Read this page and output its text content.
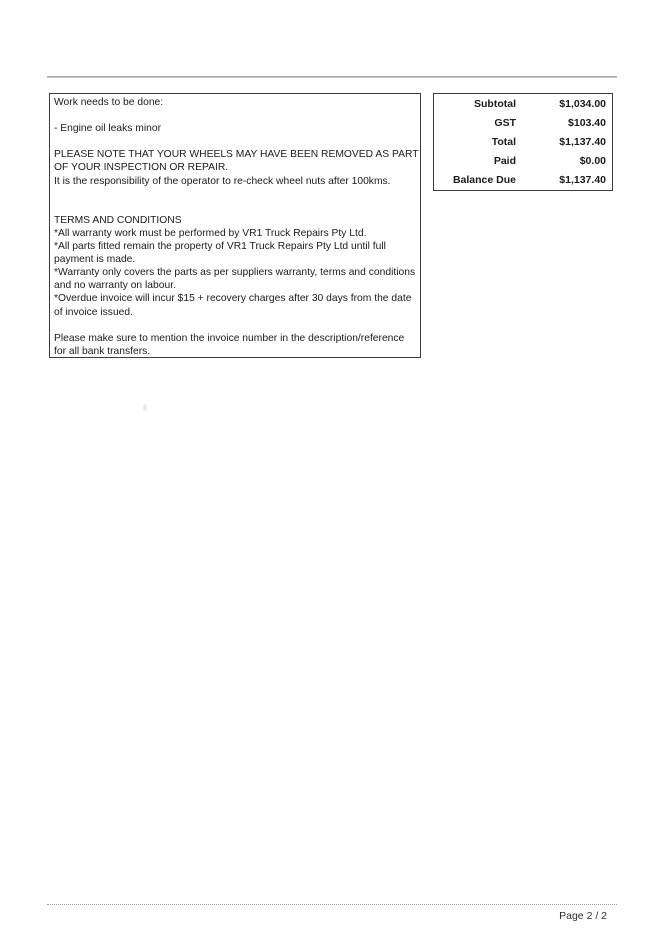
Work needs to be done:
- Engine oil leaks minor
PLEASE NOTE THAT YOUR WHEELS MAY HAVE BEEN REMOVED AS PART
OF YOUR INSPECTION OR REPAIR.
It is the responsibility of the operator to re-check wheel nuts after 100kms.
TERMS AND CONDITIONS
*All warranty work must be performed by VR1 Truck Repairs Pty Ltd.
*All parts fitted remain the property of VR1 Truck Repairs Pty Ltd until full
payment is made.
*Warranty only covers the parts as per suppliers warranty, terms and conditions
and no warranty on labour.
*Overdue invoice will incur $15 + recovery charges after 30 days from the date
of invoice issued.
Please make sure to mention the invoice number in the description/reference
for all bank transfers.
Subtotal	$1,034.00
GST	$103.40
Total	$1,137.40
Paid	$0.00
Balance Due	$1,137.40
Page 2 / 2
